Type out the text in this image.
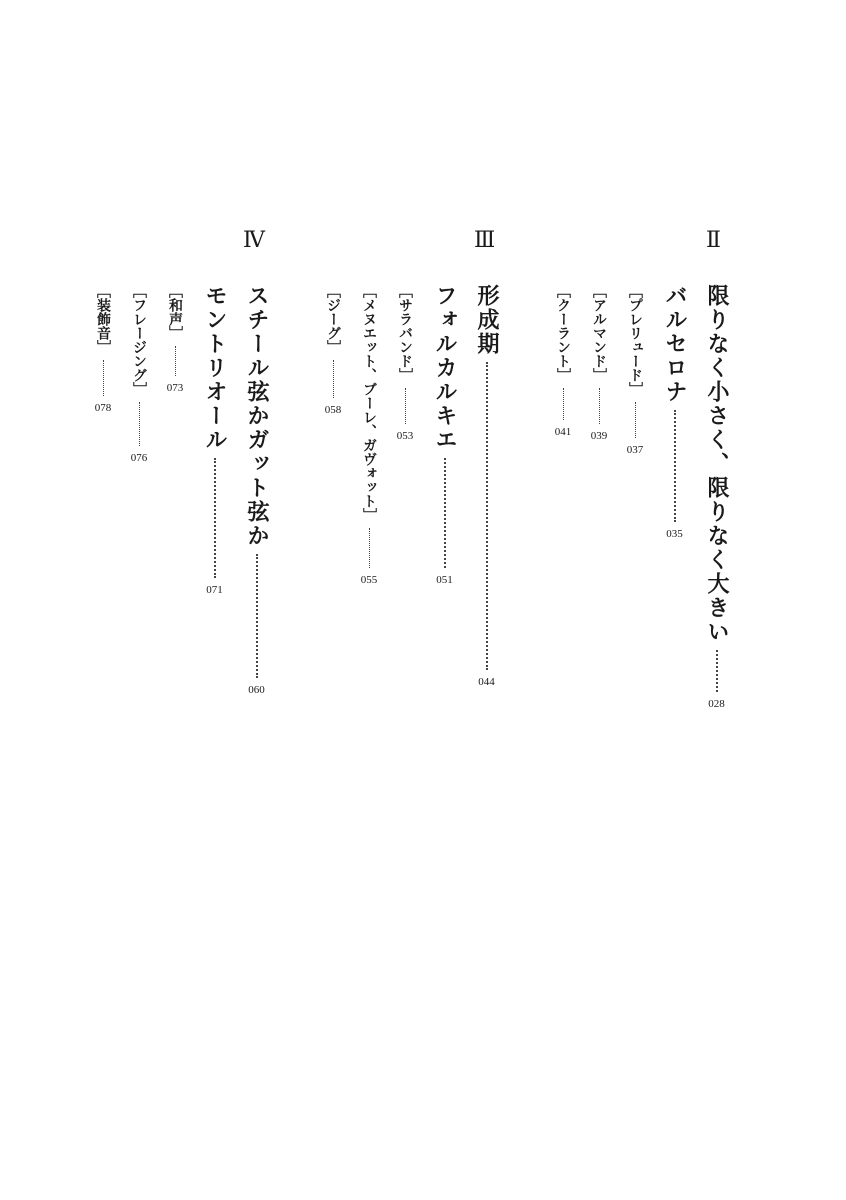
Ⅱ
限りなく小さく、限りなく大きい
028
バルセロナ
035
［プレリュード］
037
［アルマンド］
039
［クーラント］
041
Ⅲ
形成期
044
フォルカルキエ
051
［サラバンド］
053
［メヌエット、ブーレ、ガヴォット］
055
［ジーグ］
058
Ⅳ
スチール弦かガット弦か
060
モントリオール
071
［和声］
073
［フレージング］
076
［装飾音］
078
